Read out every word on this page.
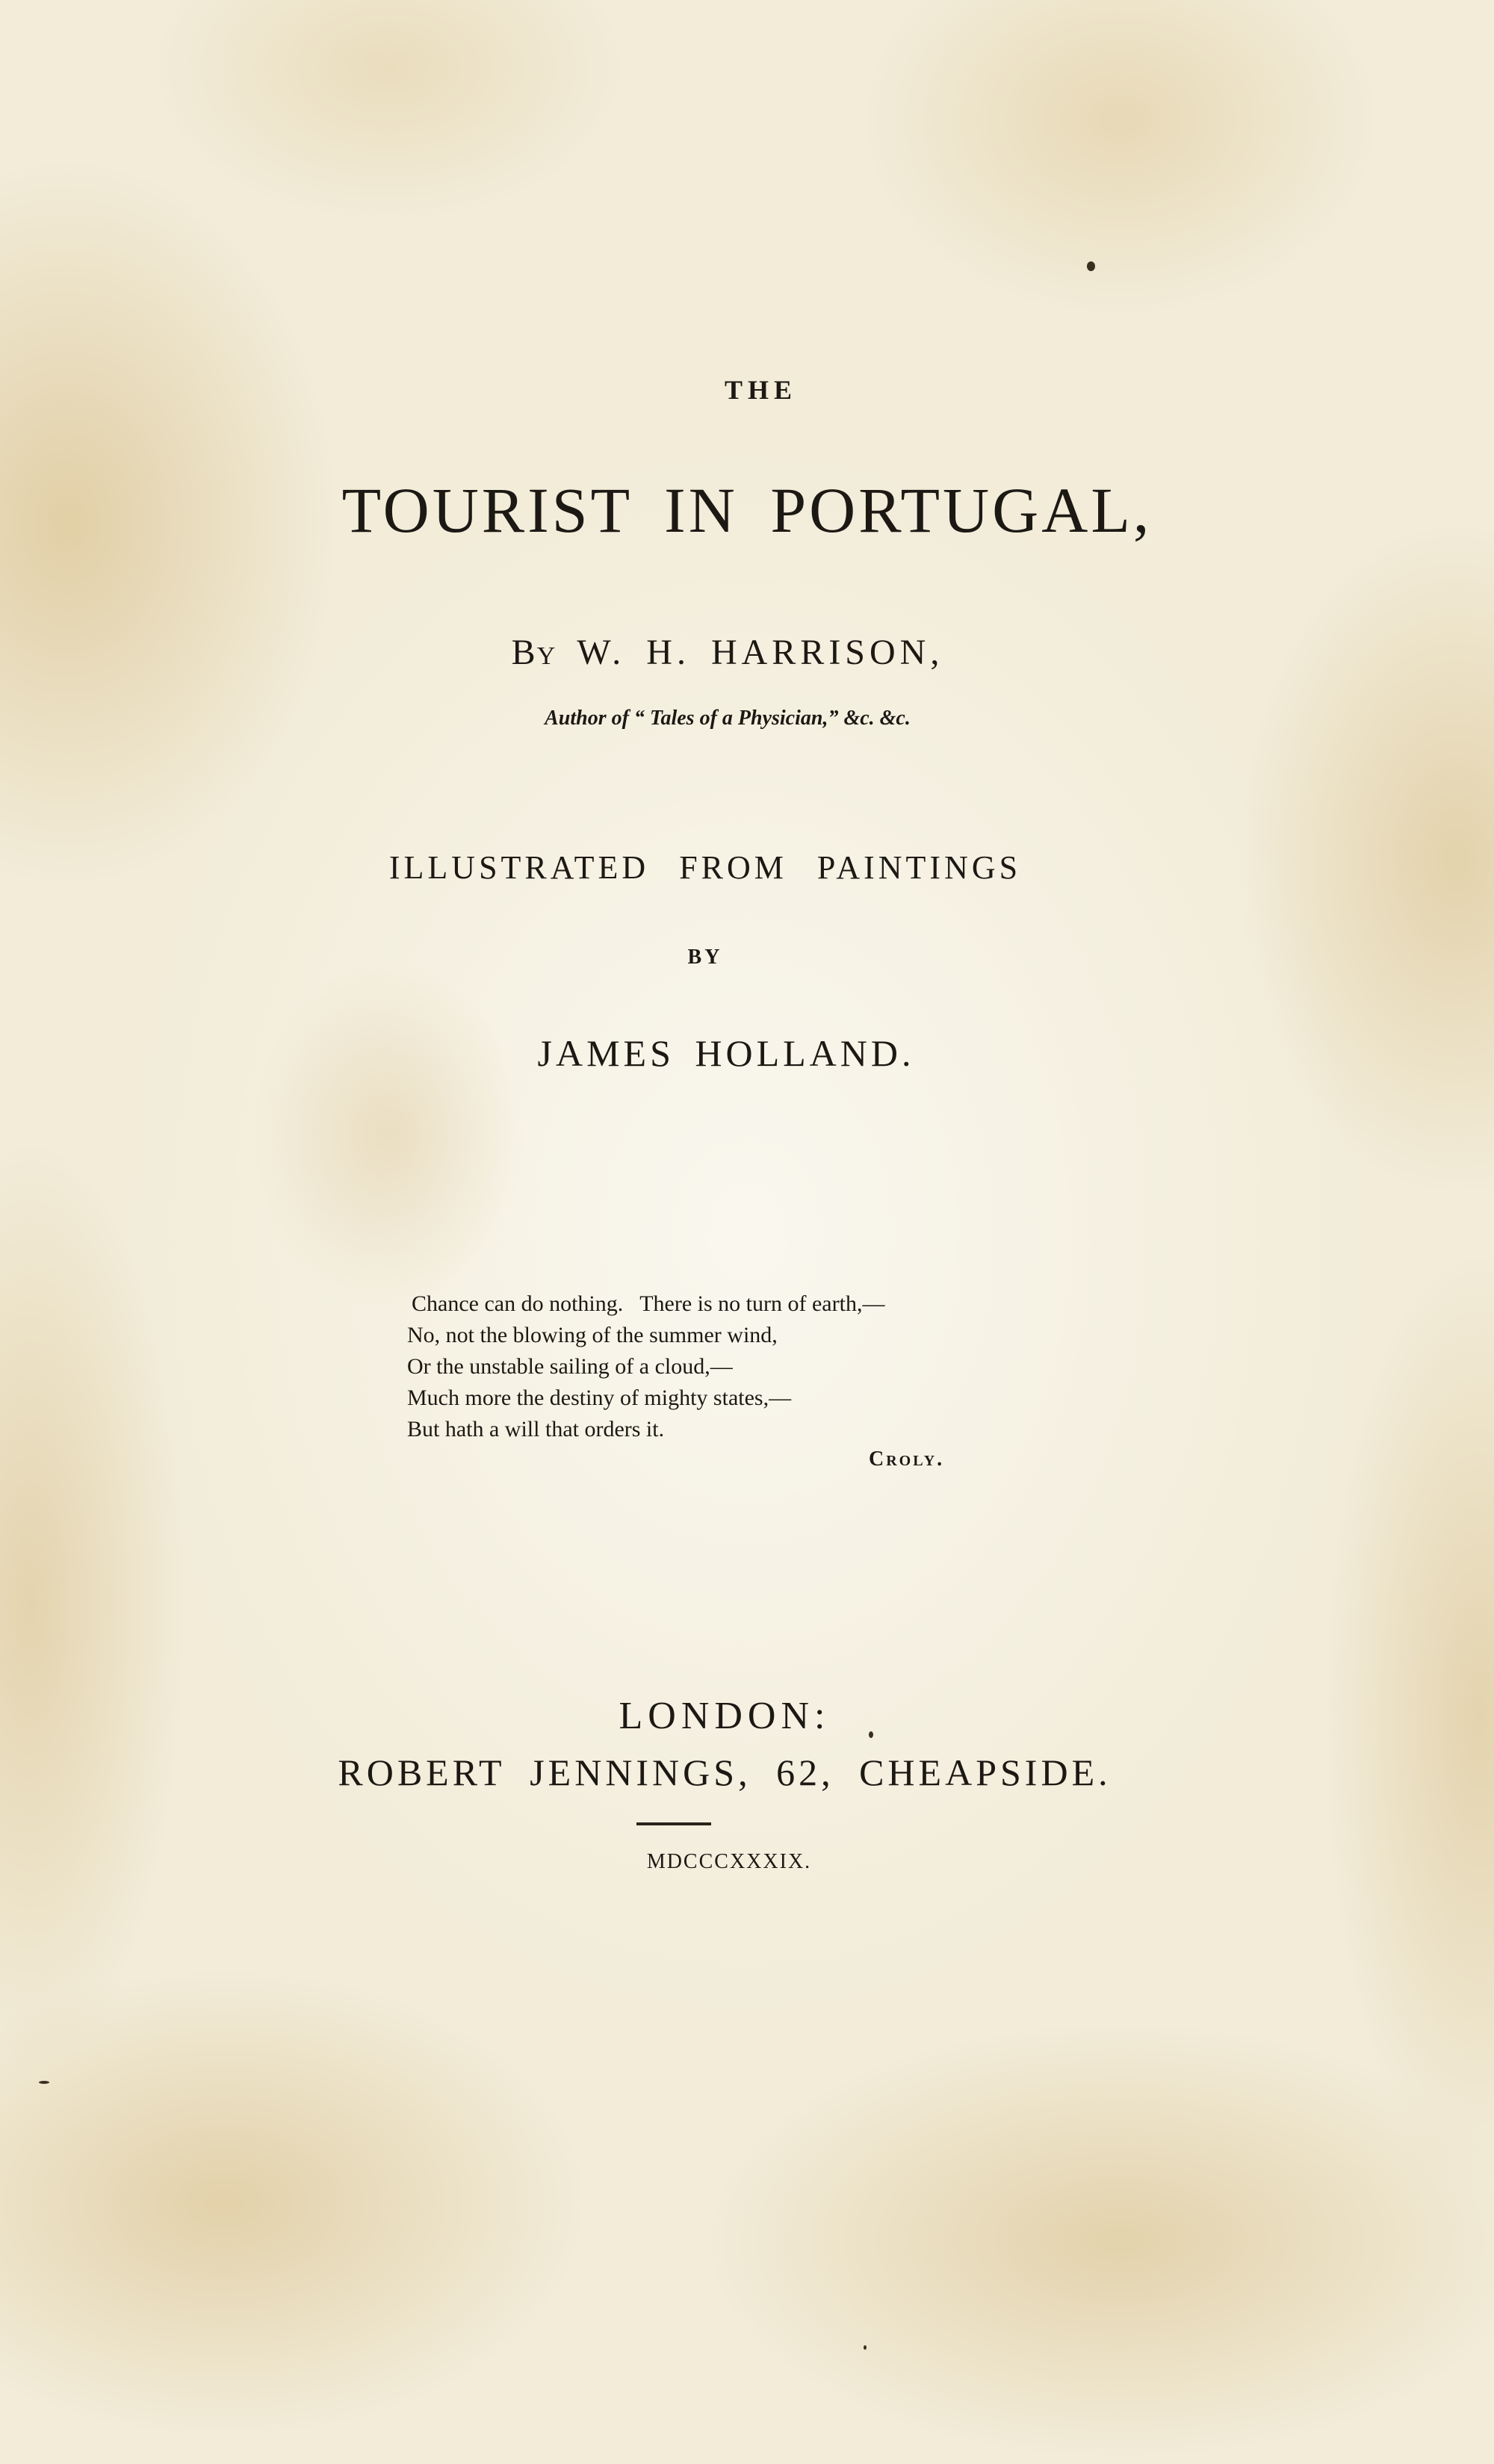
THE
TOURIST IN PORTUGAL,
By W. H. HARRISON,
Author of “ Tales of a Physician,” &c. &c.
ILLUSTRATED FROM PAINTINGS
BY
JAMES HOLLAND.
Chance can do nothing.   There is no turn of earth,—
No, not the blowing of the summer wind,
Or the unstable sailing of a cloud,—
Much more the destiny of mighty states,—
But hath a will that orders it.
Croly.
LONDON:
ROBERT JENNINGS, 62, CHEAPSIDE.
MDCCCXXXIX.
